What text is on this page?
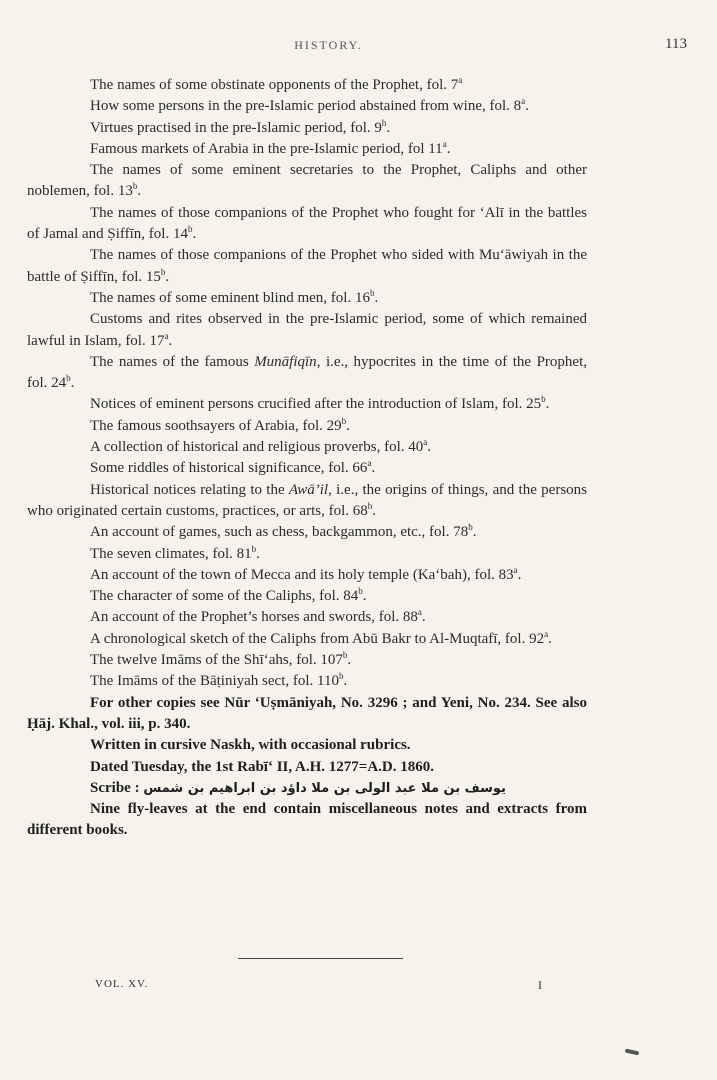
HISTORY.	113

The names of some obstinate opponents of the Prophet, fol. 7$^a$

How some persons in the pre-Islamic period abstained from wine, fol. 8$^a$.

Virtues practised in the pre-Islamic period, fol. 9$^b$.

Famous markets of Arabia in the pre-Islamic period, fol 11$^a$.

The names of some eminent secretaries to the Prophet, Caliphs and other noblemen, fol. 13$^b$.

The names of those companions of the Prophet who fought for ‘Alī in the battles of Jamal and Ṣiffīn, fol. 14$^b$.

The names of those companions of the Prophet who sided with Mu‘āwiyah in the battle of Ṣiffīn, fol. 15$^b$.

The names of some eminent blind men, fol. 16$^b$.

Customs and rites observed in the pre-Islamic period, some of which remained lawful in Islam, fol. 17$^a$.

The names of the famous Munāfiqīn, i.e., hypocrites in the time of the Prophet, fol. 24$^b$.

Notices of eminent persons crucified after the introduction of Islam, fol. 25$^b$.

The famous soothsayers of Arabia, fol. 29$^b$.

A collection of historical and religious proverbs, fol. 40$^a$.

Some riddles of historical significance, fol. 66$^a$.

Historical notices relating to the Awā’il, i.e., the origins of things, and the persons who originated certain customs, practices, or arts, fol. 68$^b$.

An account of games, such as chess, backgammon, etc., fol. 78$^b$.

The seven climates, fol. 81$^b$.

An account of the town of Mecca and its holy temple (Ka‘bah), fol. 83$^a$.

The character of some of the Caliphs, fol. 84$^b$.

An account of the Prophet’s horses and swords, fol. 88$^a$.

A chronological sketch of the Caliphs from Abū Bakr to Al-Muqtafī, fol. 92$^a$.

The twelve Imāms of the Shī‘ahs, fol. 107$^b$.

The Imāms of the Bāṭiniyah sect, fol. 110$^b$.

For other copies see Nūr ‘Uṣmāniyah, No. 3296 ; and Yeni, No. 234. See also Ḥāj. Khal., vol. iii, p. 340.

Written in cursive Naskh, with occasional rubrics.

Dated Tuesday, the 1st Rabī‘ II, A.H. 1277=A.D. 1860.

Scribe : يوسف بن ملا عبد الولى بن ملا داؤد بن ابراهيم بن شمس

Nine fly-leaves at the end contain miscellaneous notes and extracts from different books.

VOL. XV.	I
